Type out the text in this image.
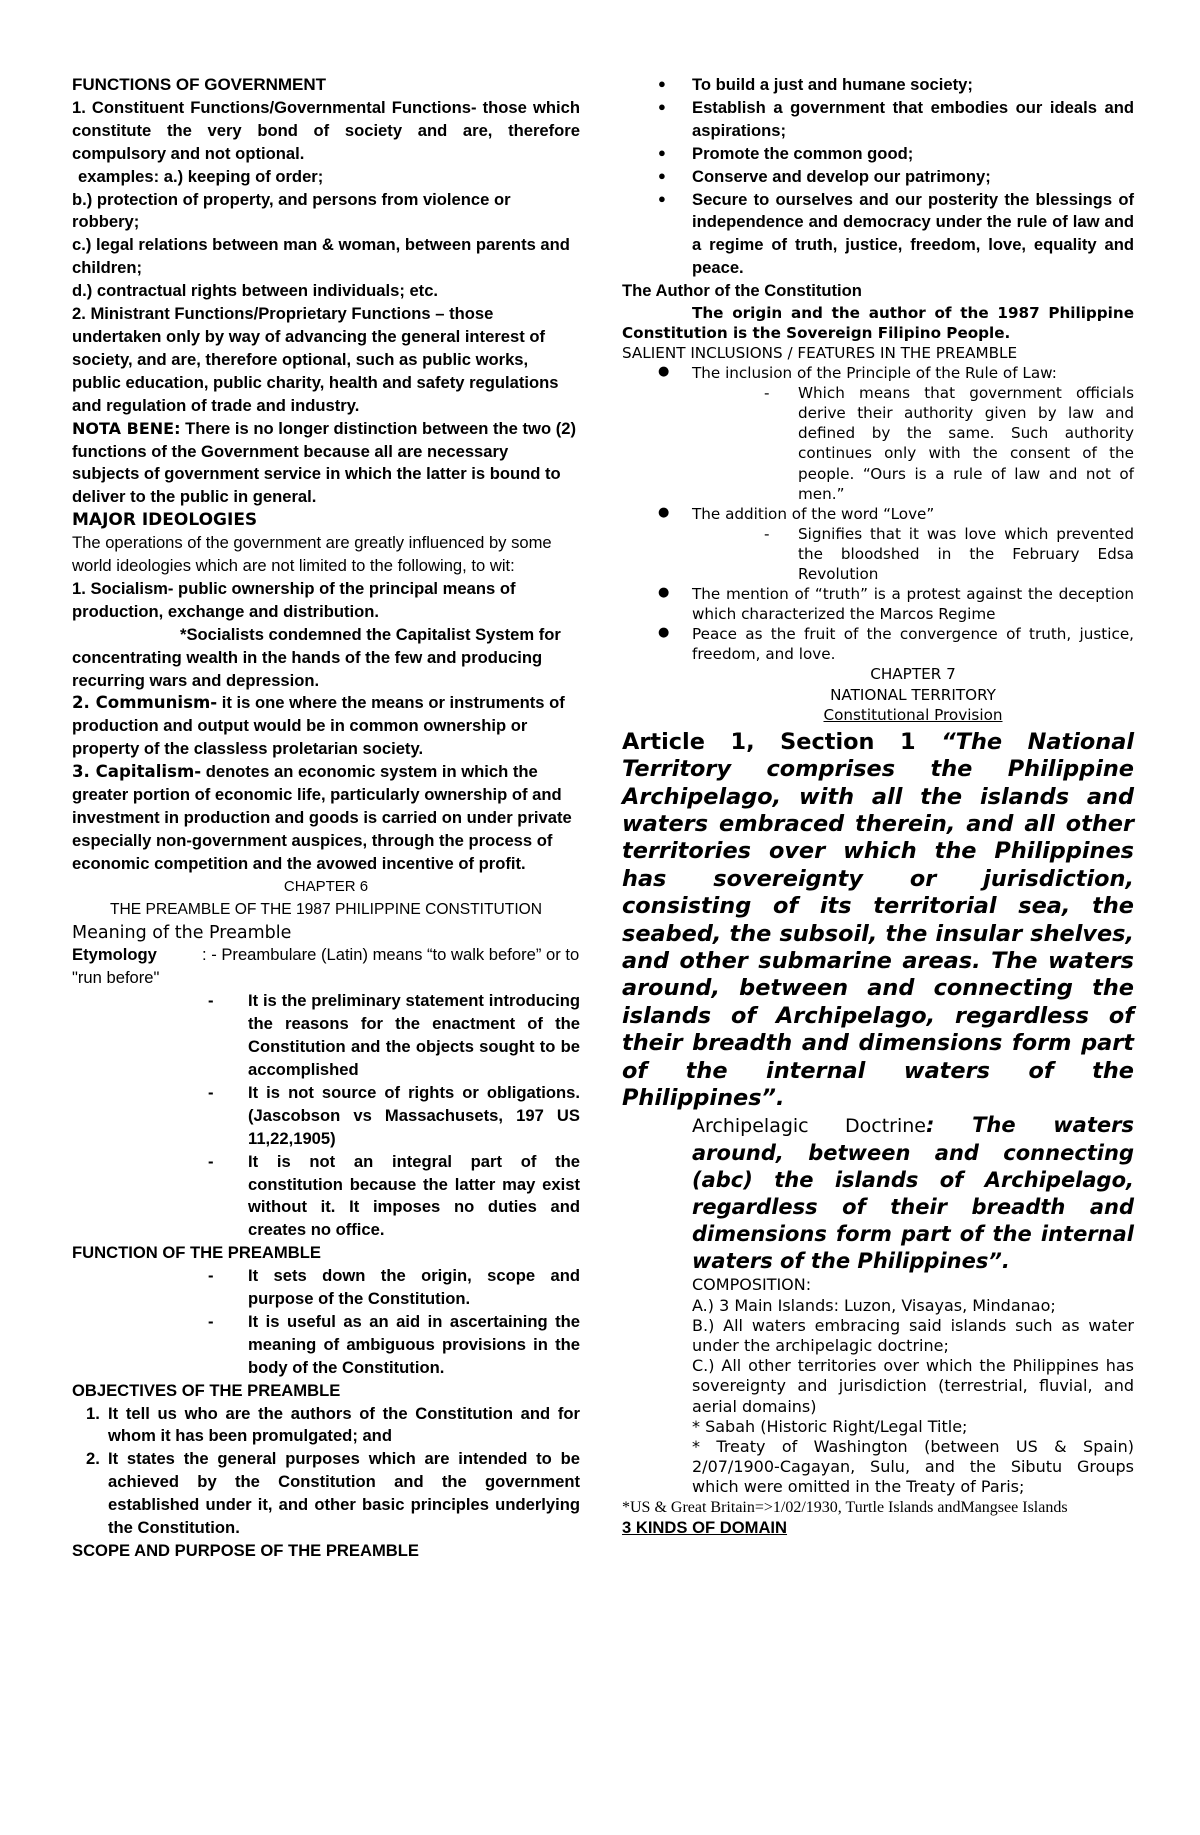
FUNCTIONS OF GOVERNMENT

1. Constituent Functions/Governmental Functions- those which constitute the very bond of society and are, therefore compulsory and not optional.

examples: a.) keeping of order;

b.) protection of property, and persons from violence or robbery;

c.) legal relations between man & woman, between parents and children;

d.) contractual rights between individuals; etc.

2. Ministrant Functions/Proprietary Functions – those undertaken only by way of advancing the general interest of society, and are, therefore optional, such as public works, public education, public charity, health and safety regulations and regulation of trade and industry.

NOTA BENE: There is no longer distinction between the two (2) functions of the Government because all are necessary subjects of government service in which the latter is bound to deliver to the public in general.

MAJOR IDEOLOGIES

The operations of the government are greatly influenced by some world ideologies which are not limited to the following, to wit:

1. Socialism- public ownership of the principal means of production, exchange and distribution.

*Socialists condemned the Capitalist System for concentrating wealth in the hands of the few and producing recurring wars and depression.

2. Communism- it is one where the means or instruments of production and output would be in common ownership or property of the classless proletarian society.

3. Capitalism- denotes an economic system in which the greater portion of economic life, particularly ownership of and investment in production and goods is carried on under private especially non-government auspices, through the process of economic competition and the avowed incentive of profit.

CHAPTER 6

THE PREAMBLE OF THE 1987 PHILIPPINE CONSTITUTION

Meaning of the Preamble

Etymology	: - Preambulare (Latin) means “to walk before” or to "run before"

- It is the preliminary statement introducing the reasons for the enactment of the Constitution and the objects sought to be accomplished
- It is not source of rights or obligations. (Jascobson vs Massachusets, 197 US 11,22,1905)
- It is not an integral part of the constitution because the latter may exist without it. It imposes no duties and creates no office.

FUNCTION OF THE PREAMBLE

- It sets down the origin, scope and purpose of the Constitution.
- It is useful as an aid in ascertaining the meaning of ambiguous provisions in the body of the Constitution.

OBJECTIVES OF THE PREAMBLE

1. It tell us who are the authors of the Constitution and for whom it has been promulgated; and
2. It states the general purposes which are intended to be achieved by the Constitution and the government established under it, and other basic principles underlying the Constitution.

SCOPE AND PURPOSE OF THE PREAMBLE

● To build a just and humane society;
● Establish a government that embodies our ideals and aspirations;
● Promote the common good;
● Conserve and develop our patrimony;
● Secure to ourselves and our posterity the blessings of independence and democracy under the rule of law and a regime of truth, justice, freedom, love, equality and peace.

The Author of the Constitution

The origin and the author of the 1987 Philippine Constitution is the Sovereign Filipino People.

SALIENT INCLUSIONS / FEATURES IN THE PREAMBLE

● The inclusion of the Principle of the Rule of Law:
- Which means that government officials derive their authority given by law and defined by the same. Such authority continues only with the consent of the people. “Ours is a rule of law and not of men.”
● The addition of the word “Love”
- Signifies that it was love which prevented the bloodshed in the February Edsa Revolution
● The mention of “truth” is a protest against the deception which characterized the Marcos Regime
● Peace as the fruit of the convergence of truth, justice, freedom, and love.

CHAPTER 7

NATIONAL TERRITORY

Constitutional Provision

Article 1, Section 1 “The National Territory comprises the Philippine Archipelago, with all the islands and waters embraced therein, and all other territories over which the Philippines has sovereignty or jurisdiction, consisting of its territorial sea, the seabed, the subsoil, the insular shelves, and other submarine areas. The waters around, between and connecting the islands of Archipelago, regardless of their breadth and dimensions form part of the internal waters of the Philippines”.

Archipelagic Doctrine: The waters around, between and connecting (abc) the islands of Archipelago, regardless of their breadth and dimensions form part of the internal waters of the Philippines”.

COMPOSITION:

A.) 3 Main Islands: Luzon, Visayas, Mindanao;

B.) All waters embracing said islands such as water under the archipelagic doctrine;

C.) All other territories over which the Philippines has sovereignty and jurisdiction (terrestrial, fluvial, and aerial domains)

* Sabah (Historic Right/Legal Title;

* Treaty of Washington (between US & Spain) 2/07/1900-Cagayan, Sulu, and the Sibutu Groups which were omitted in the Treaty of Paris;

*US & Great Britain=>1/02/1930, Turtle Islands andMangsee Islands

3 KINDS OF DOMAIN
